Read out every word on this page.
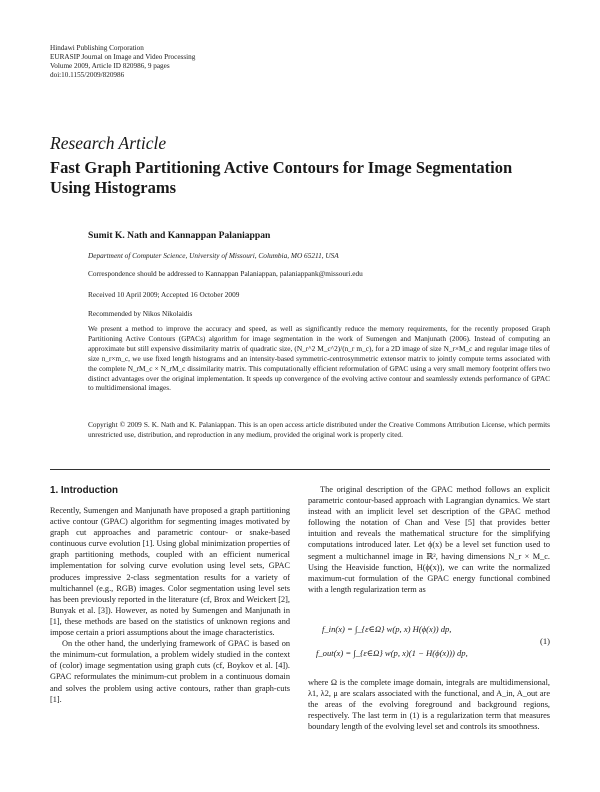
Hindawi Publishing Corporation
EURASIP Journal on Image and Video Processing
Volume 2009, Article ID 820986, 9 pages
doi:10.1155/2009/820986
Research Article
Fast Graph Partitioning Active Contours for Image Segmentation Using Histograms
Sumit K. Nath and Kannappan Palaniappan
Department of Computer Science, University of Missouri, Columbia, MO 65211, USA
Correspondence should be addressed to Kannappan Palaniappan, palaniappank@missouri.edu
Received 10 April 2009; Accepted 16 October 2009
Recommended by Nikos Nikolaidis
We present a method to improve the accuracy and speed, as well as significantly reduce the memory requirements, for the recently proposed Graph Partitioning Active Contours (GPACs) algorithm for image segmentation in the work of Sumengen and Manjunath (2006). Instead of computing an approximate but still expensive dissimilarity matrix of quadratic size, (N_r^2 M_c^2)/(n_r m_c), for a 2D image of size N_r×M_c and regular image tiles of size n_r×m_c, we use fixed length histograms and an intensity-based symmetric-centrosymmetric extensor matrix to jointly compute terms associated with the complete N_rM_c × N_rM_c dissimilarity matrix. This computationally efficient reformulation of GPAC using a very small memory footprint offers two distinct advantages over the original implementation. It speeds up convergence of the evolving active contour and seamlessly extends performance of GPAC to multidimensional images.
Copyright © 2009 S. K. Nath and K. Palaniappan. This is an open access article distributed under the Creative Commons Attribution License, which permits unrestricted use, distribution, and reproduction in any medium, provided the original work is properly cited.
1. Introduction

Recently, Sumengen and Manjunath have proposed a graph partitioning active contour (GPAC) algorithm for segmenting images motivated by graph cut approaches and parametric contour- or snake-based continuous curve evolution [1]. Using global minimization properties of graph partitioning methods, coupled with an efficient numerical implementation for solving curve evolution using level sets, GPAC produces impressive 2-class segmentation results for a variety of multichannel (e.g., RGB) images. Color segmentation using level sets has been previously reported in the literature (cf, Brox and Weickert [2], Bunyak et al. [3]). However, as noted by Sumengen and Manjunath in [1], these methods are based on the statistics of unknown regions and impose certain a priori assumptions about the image characteristics.

On the other hand, the underlying framework of GPAC is based on the minimum-cut formulation, a problem widely studied in the context of (color) image segmentation using graph cuts (cf, Boykov et al. [4]). GPAC reformulates the minimum-cut problem in a continuous domain and solves the problem using active contours, rather than graph-cuts [1].

The original description of the GPAC method follows an explicit parametric contour-based approach with Lagrangian dynamics. We start instead with an implicit level set description of the GPAC method following the notation of Chan and Vese [5] that provides better intuition and reveals the mathematical structure for the simplifying computations introduced later. Let ϕ(x) be a level set function used to segment a multichannel image in ℝ², having dimensions N_r × M_c. Using the Heaviside function, H(ϕ(x)), we can write the normalized maximum-cut formulation of the GPAC energy functional combined with a length regularization term as

f_in(x) = ∫_{ε∈Ω} w(p, x) H(ϕ(x)) dp,
f_out(x) = ∫_{ε∈Ω} w(p, x)(1 − H(ϕ(x))) dp,
(1)

where Ω is the complete image domain, integrals are multidimensional, λ1, λ2, μ are scalars associated with the functional, and A_in, A_out are the areas of the evolving foreground and background regions, respectively. The last term in (1) is a regularization term that measures boundary length of the evolving level set and controls its smoothness.
